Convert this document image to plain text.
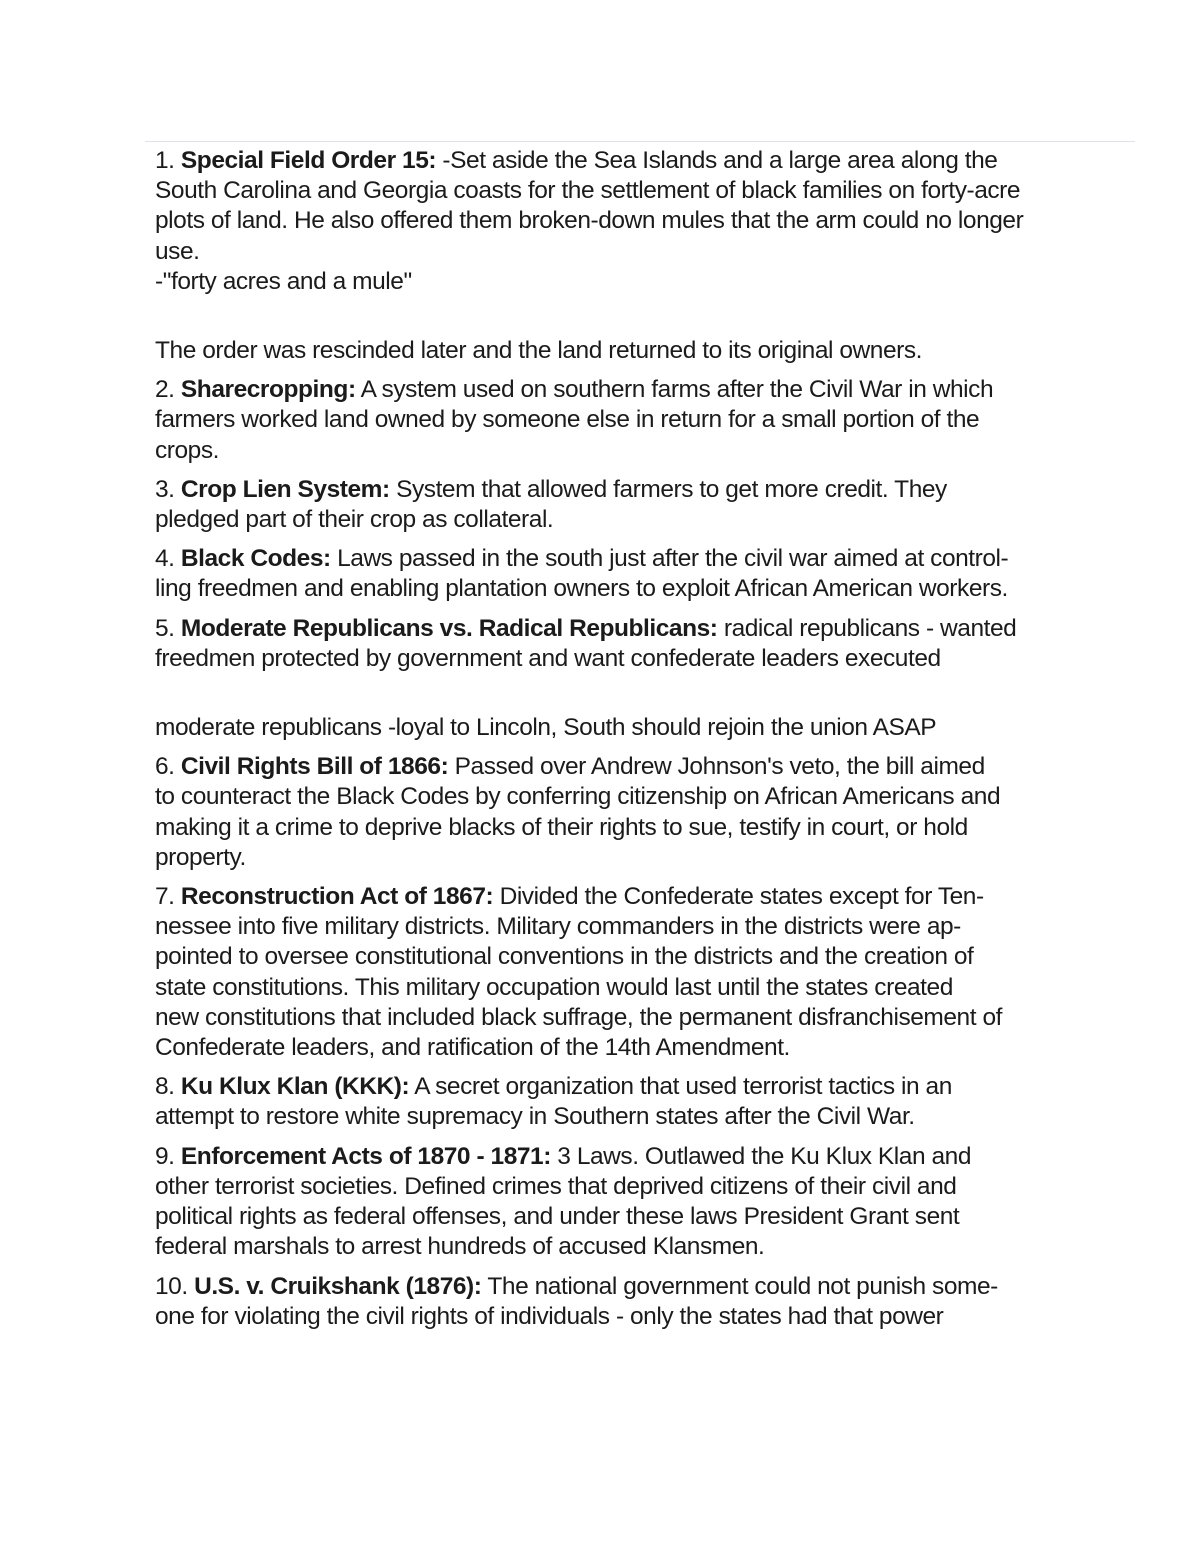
1. Special Field Order 15: -Set aside the Sea Islands and a large area along the
South Carolina and Georgia coasts for the settlement of black families on forty-acre
plots of land. He also offered them broken-down mules that the arm could no longer
use.
-"forty acres and a mule"
The order was rescinded later and the land returned to its original owners.
2. Sharecropping: A system used on southern farms after the Civil War in which
farmers worked land owned by someone else in return for a small portion of the
crops.
3. Crop Lien System: System that allowed farmers to get more credit. They
pledged part of their crop as collateral.
4. Black Codes: Laws passed in the south just after the civil war aimed at control-
ling freedmen and enabling plantation owners to exploit African American workers.
5. Moderate Republicans vs. Radical Republicans: radical republicans - wanted
freedmen protected by government and want confederate leaders executed
moderate republicans -loyal to Lincoln, South should rejoin the union ASAP
6. Civil Rights Bill of 1866: Passed over Andrew Johnson's veto, the bill aimed
to counteract the Black Codes by conferring citizenship on African Americans and
making it a crime to deprive blacks of their rights to sue, testify in court, or hold
property.
7. Reconstruction Act of 1867: Divided the Confederate states except for Ten-
nessee into five military districts. Military commanders in the districts were ap-
pointed to oversee constitutional conventions in the districts and the creation of
state constitutions. This military occupation would last until the states created
new constitutions that included black suffrage, the permanent disfranchisement of
Confederate leaders, and ratification of the 14th Amendment.
8. Ku Klux Klan (KKK): A secret organization that used terrorist tactics in an
attempt to restore white supremacy in Southern states after the Civil War.
9. Enforcement Acts of 1870 - 1871: 3 Laws. Outlawed the Ku Klux Klan and
other terrorist societies. Defined crimes that deprived citizens of their civil and
political rights as federal offenses, and under these laws President Grant sent
federal marshals to arrest hundreds of accused Klansmen.
10. U.S. v. Cruikshank (1876): The national government could not punish some-
one for violating the civil rights of individuals - only the states had that power
